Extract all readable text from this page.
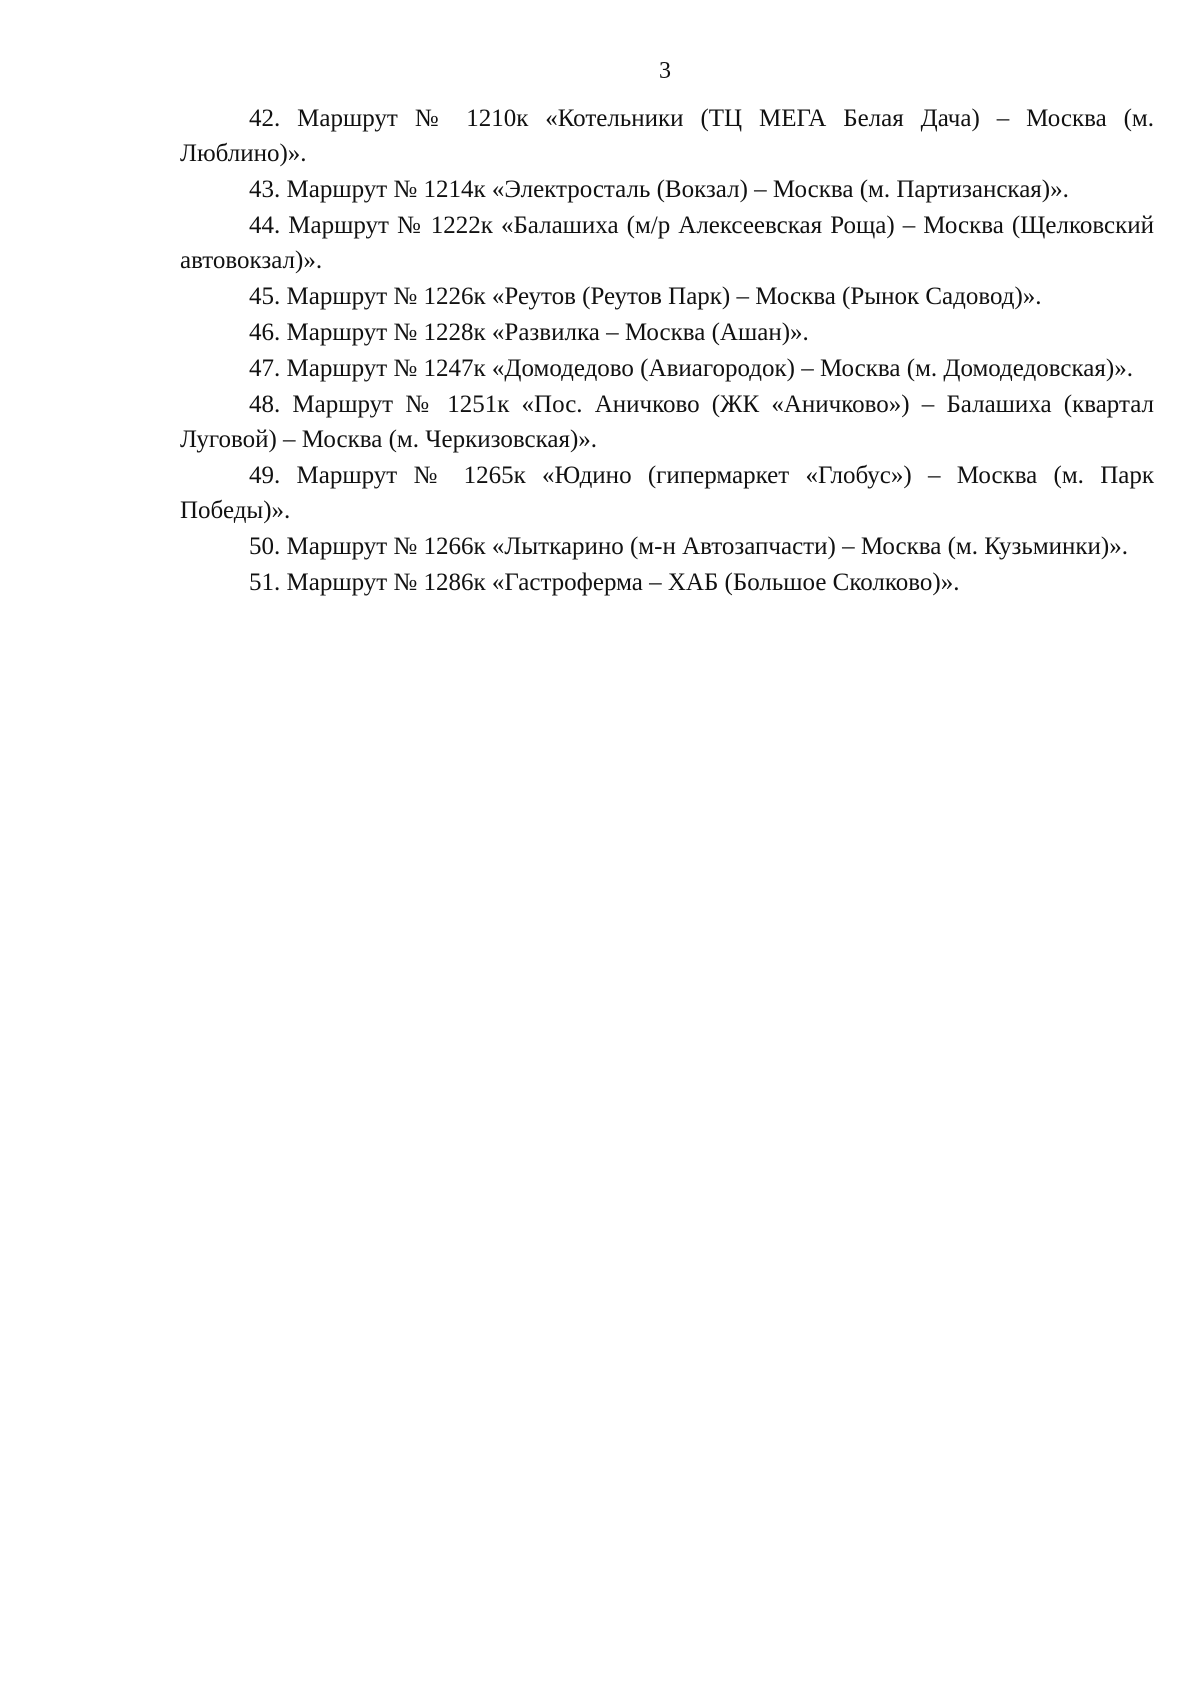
3

42. Маршрут № 1210к «Котельники (ТЦ МЕГА Белая Дача) – Москва (м. Люблино)».

43. Маршрут № 1214к «Электросталь (Вокзал) – Москва (м. Партизанская)».

44. Маршрут № 1222к «Балашиха (м/р Алексеевская Роща) – Москва (Щелковский автовокзал)».

45. Маршрут № 1226к «Реутов (Реутов Парк) – Москва (Рынок Садовод)».

46. Маршрут № 1228к «Развилка – Москва (Ашан)».

47. Маршрут № 1247к «Домодедово (Авиагородок) – Москва (м. Домодедовская)».

48. Маршрут № 1251к «Пос. Аничково (ЖК «Аничково») – Балашиха (квартал Луговой) – Москва (м. Черкизовская)».

49. Маршрут № 1265к «Юдино (гипермаркет «Глобус») – Москва (м. Парк Победы)».

50. Маршрут № 1266к «Лыткарино (м-н Автозапчасти) – Москва (м. Кузьминки)».

51. Маршрут № 1286к «Гастроферма – ХАБ (Большое Сколково)».
